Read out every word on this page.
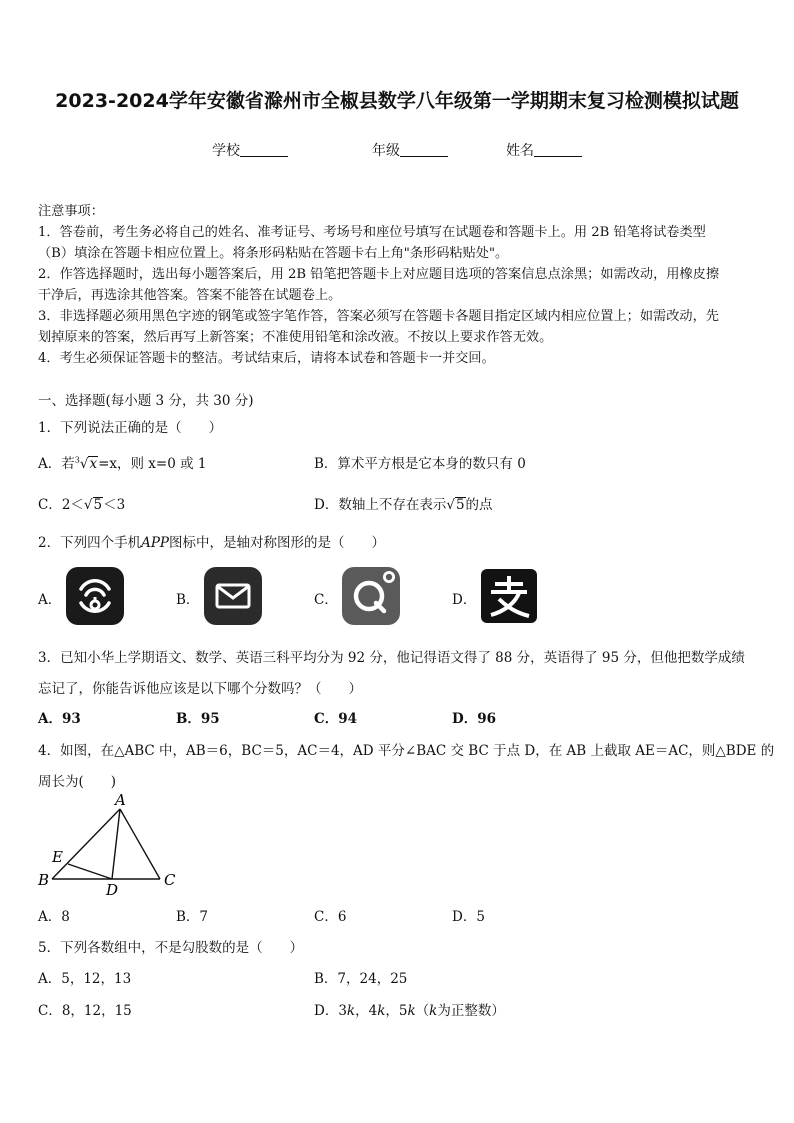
2023-2024学年安徽省滁州市全椒县数学八年级第一学期期末复习检测模拟试题
学校	年级	姓名
注意事项：
1．答卷前，考生务必将自己的姓名、准考证号、考场号和座位号填写在试题卷和答题卡上。用 2B 铅笔将试卷类型
（B）填涂在答题卡相应位置上。将条形码粘贴在答题卡右上角"条形码粘贴处"。
2．作答选择题时，选出每小题答案后，用 2B 铅笔把答题卡上对应题目选项的答案信息点涂黑；如需改动，用橡皮擦
干净后，再选涂其他答案。答案不能答在试题卷上。
3．非选择题必须用黑色字迹的钢笔或签字笔作答，答案必须写在答题卡各题目指定区域内相应位置上；如需改动，先
划掉原来的答案，然后再写上新答案；不准使用铅笔和涂改液。不按以上要求作答无效。
4．考生必须保证答题卡的整洁。考试结束后，请将本试卷和答题卡一并交回。
一、选择题(每小题 3 分，共 30 分)
1．下列说法正确的是（　　）
A．若$^3$√x=x，则 x=0 或 1	B．算术平方根是它本身的数只有 0
C．2＜√5＜3	D．数轴上不存在表示√5的点
2．下列四个手机APP图标中，是轴对称图形的是（　　）
A．	B．	C．	D．
3．已知小华上学期语文、数学、英语三科平均分为 92 分，他记得语文得了 88 分，英语得了 95 分，但他把数学成绩
忘记了，你能告诉他应该是以下哪个分数吗？（　　）
A．93	B．95	C．94	D．96
4．如图，在△ABC 中，AB＝6，BC＝5，AC＝4，AD 平分∠BAC 交 BC 于点 D，在 AB 上截取 AE＝AC，则△BDE 的
周长为(　　)
A
B	C
D
E
A．8	B．7	C．6	D．5
5．下列各数组中，不是勾股数的是（　　）
A．5，12，13	B．7，24，25
C．8，12，15	D．3k，4k，5k（k为正整数）
